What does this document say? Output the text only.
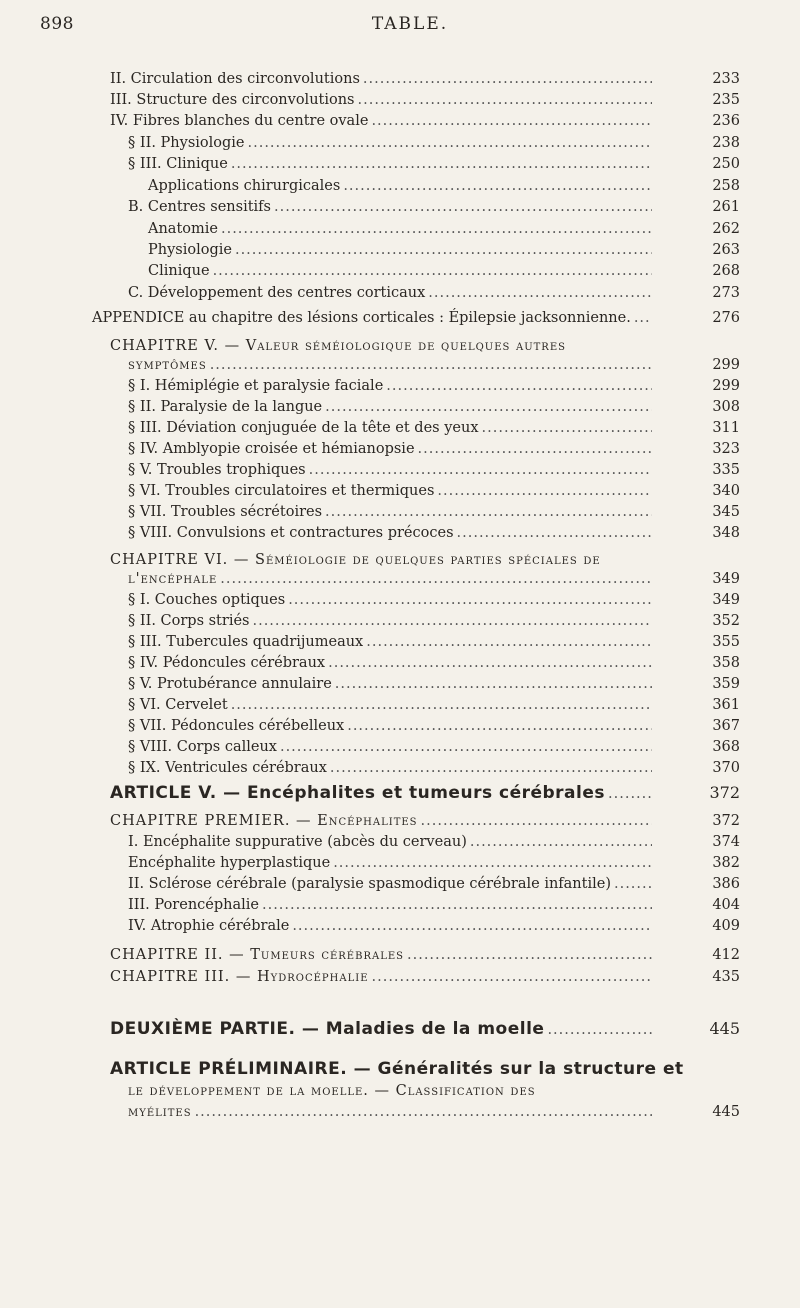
898	TABLE.
II. Circulation des circonvolutions .....	233
III. Structure des circonvolutions .....	235
IV. Fibres blanches du centre ovale .....	236
§ II. Physiologie .....	238
§ III. Clinique .....	250
Applications chirurgicales .....	258
B. Centres sensitifs .....	261
Anatomie .....	262
Physiologie .....	263
Clinique .....	268
C. Développement des centres corticaux .....	273
APPENDICE au chapitre des lésions corticales : Épilepsie jacksonnienne. .....	276
CHAPITRE V. — Valeur séméiologique de quelques autres
symptômes .....	299
§ I. Hémiplégie et paralysie faciale .....	299
§ II. Paralysie de la langue .....	308
§ III. Déviation conjuguée de la tête et des yeux .....	311
§ IV. Amblyopie croisée et hémianopsie .....	323
§ V. Troubles trophiques .....	335
§ VI. Troubles circulatoires et thermiques .....	340
§ VII. Troubles sécrétoires .....	345
§ VIII. Convulsions et contractures précoces .....	348
CHAPITRE VI. — Séméiologie de quelques parties spéciales de
l'encéphale .....	349
§ I. Couches optiques .....	349
§ II. Corps striés .....	352
§ III. Tubercules quadrijumeaux .....	355
§ IV. Pédoncules cérébraux .....	358
§ V. Protubérance annulaire .....	359
§ VI. Cervelet .....	361
§ VII. Pédoncules cérébelleux .....	367
§ VIII. Corps calleux .....	368
§ IX. Ventricules cérébraux .....	370
ARTICLE V. — Encéphalites et tumeurs cérébrales .....	372
CHAPITRE PREMIER. — Encéphalites .....	372
I. Encéphalite suppurative (abcès du cerveau) .....	374
Encéphalite hyperplastique .....	382
II. Sclérose cérébrale (paralysie spasmodique cérébrale infantile) .....	386
III. Porencéphalie .....	404
IV. Atrophie cérébrale .....	409
CHAPITRE II. — Tumeurs cérébrales .....	412
CHAPITRE III. — Hydrocéphalie .....	435
DEUXIÈME PARTIE. — Maladies de la moelle .....	445
ARTICLE PRÉLIMINAIRE. — Généralités sur la structure et
le développement de la moelle. — Classification des
myélites .....	445
